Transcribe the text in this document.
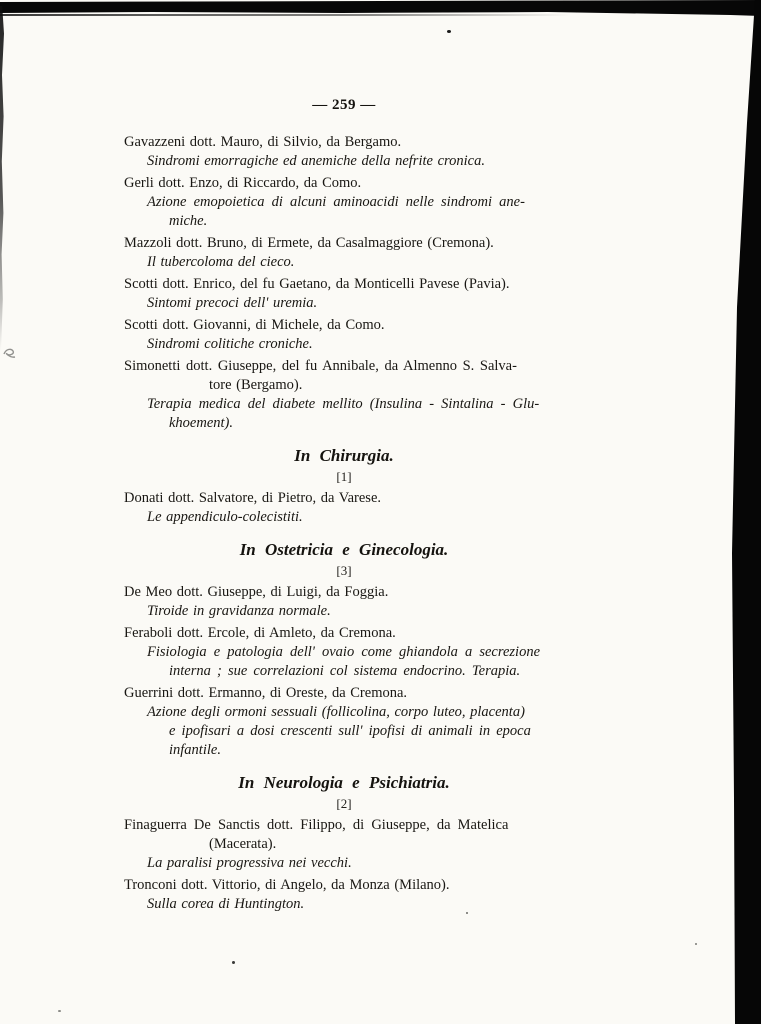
— 259 —
Gavazzeni dott. Mauro, di Silvio, da Bergamo.
Sindromi emorragiche ed anemiche della nefrite cronica.
Gerli dott. Enzo, di Riccardo, da Como.
Azione emopoietica di alcuni aminoacidi nelle sindromi ane-
miche.
Mazzoli dott. Bruno, di Ermete, da Casalmaggiore (Cremona).
Il tubercoloma del cieco.
Scotti dott. Enrico, del fu Gaetano, da Monticelli Pavese (Pavia).
Sintomi precoci dell' uremia.
Scotti dott. Giovanni, di Michele, da Como.
Sindromi colitiche croniche.
Simonetti dott. Giuseppe, del fu Annibale, da Almenno S. Salva-
tore (Bergamo).
Terapia medica del diabete mellito (Insulina - Sintalina - Glu-
khoement).
In Chirurgia.
[1]
Donati dott. Salvatore, di Pietro, da Varese.
Le appendiculo-colecistiti.
In Ostetricia e Ginecologia.
[3]
De Meo dott. Giuseppe, di Luigi, da Foggia.
Tiroide in gravidanza normale.
Feraboli dott. Ercole, di Amleto, da Cremona.
Fisiologia e patologia dell' ovaio come ghiandola a secrezione
interna ; sue correlazioni col sistema endocrino. Terapia.
Guerrini dott. Ermanno, di Oreste, da Cremona.
Azione degli ormoni sessuali (follicolina, corpo luteo, placenta)
e ipofisari a dosi crescenti sull' ipofisi di animali in epoca
infantile.
In Neurologia e Psichiatria.
[2]
Finaguerra De Sanctis dott. Filippo, di Giuseppe, da Matelica
(Macerata).
La paralisi progressiva nei vecchi.
Tronconi dott. Vittorio, di Angelo, da Monza (Milano).
Sulla corea di Huntington.
